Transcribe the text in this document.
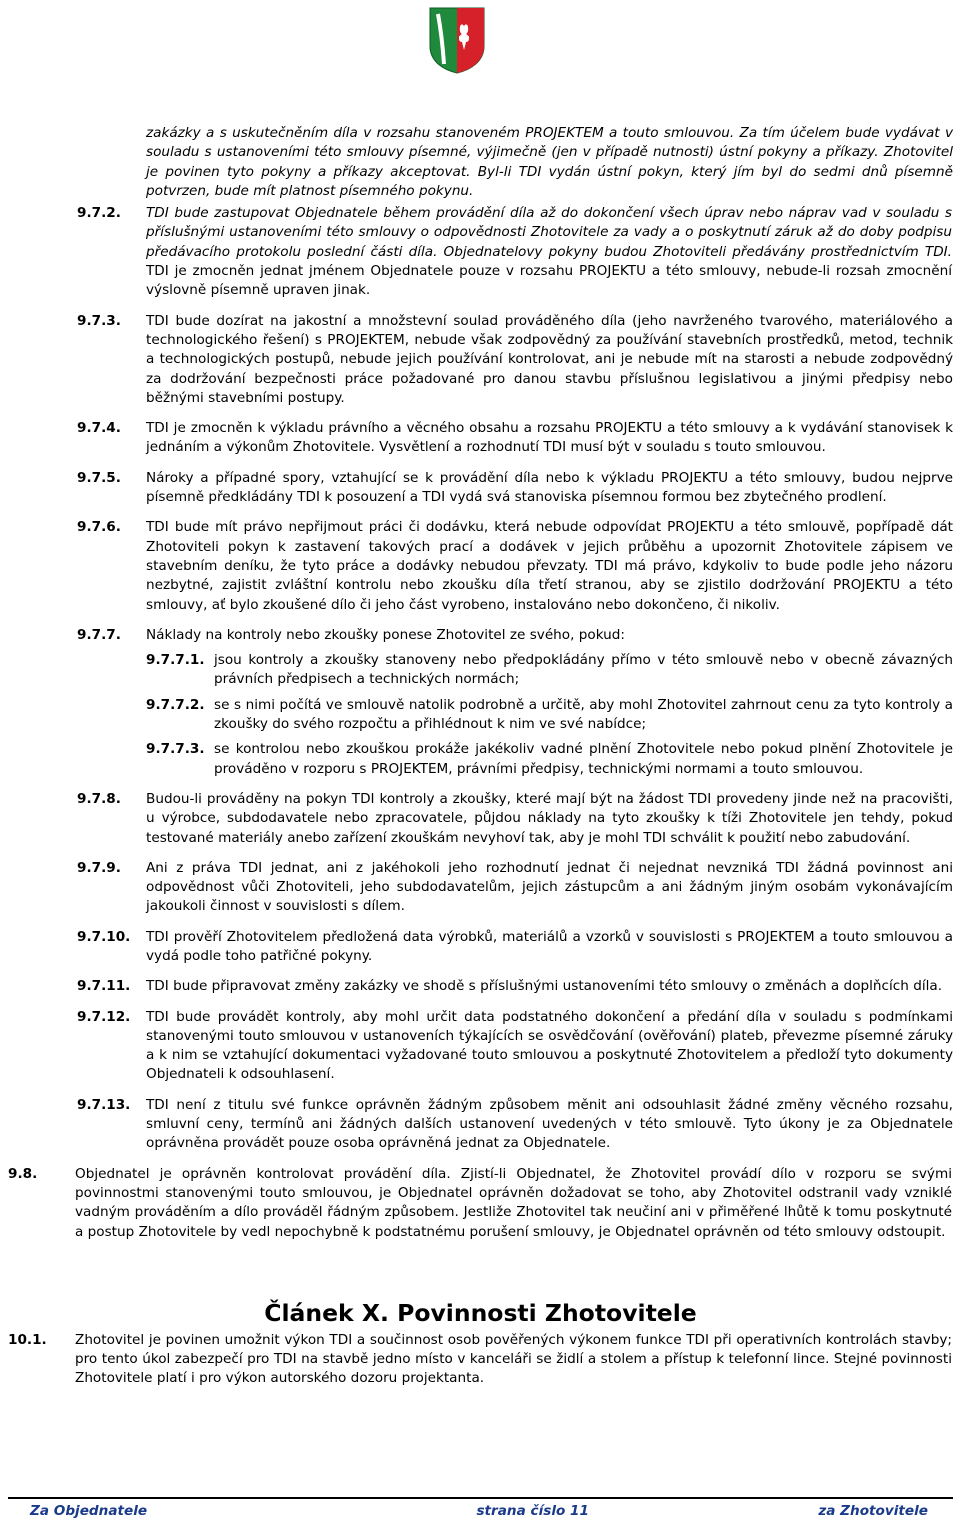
zakázky a s uskutečněním díla v rozsahu stanoveném PROJEKTEM a touto smlouvou. Za tím účelem bude vydávat v souladu s ustanoveními této smlouvy písemné, výjimečně (jen v případě nutnosti) ústní pokyny a příkazy. Zhotovitel je povinen tyto pokyny a příkazy akceptovat. Byl-li TDI vydán ústní pokyn, který jím byl do sedmi dnů písemně potvrzen, bude mít platnost písemného pokynu.
9.7.2. TDI bude zastupovat Objednatele během provádění díla až do dokončení všech úprav nebo náprav vad v souladu s příslušnými ustanoveními této smlouvy o odpovědnosti Zhotovitele za vady a o poskytnutí záruk až do doby podpisu předávacího protokolu poslední části díla. Objednatelovy pokyny budou Zhotoviteli předávány prostřednictvím TDI. TDI je zmocněn jednat jménem Objednatele pouze v rozsahu PROJEKTU a této smlouvy, nebude-li rozsah zmocnění výslovně písemně upraven jinak.
9.7.3. TDI bude dozírat na jakostní a množstevní soulad prováděného díla (jeho navrženého tvarového, materiálového a technologického řešení) s PROJEKTEM, nebude však zodpovědný za používání stavebních prostředků, metod, technik a technologických postupů, nebude jejich používání kontrolovat, ani je nebude mít na starosti a nebude zodpovědný za dodržování bezpečnosti práce požadované pro danou stavbu příslušnou legislativou a jinými předpisy nebo běžnými stavebními postupy.
9.7.4. TDI je zmocněn k výkladu právního a věcného obsahu a rozsahu PROJEKTU a této smlouvy a k vydávání stanovisek k jednáním a výkonům Zhotovitele. Vysvětlení a rozhodnutí TDI musí být v souladu s touto smlouvou.
9.7.5. Nároky a případné spory, vztahující se k provádění díla nebo k výkladu PROJEKTU a této smlouvy, budou nejprve písemně předkládány TDI k posouzení a TDI vydá svá stanoviska písemnou formou bez zbytečného prodlení.
9.7.6. TDI bude mít právo nepřijmout práci či dodávku, která nebude odpovídat PROJEKTU a této smlouvě, popřípadě dát Zhotoviteli pokyn k zastavení takových prací a dodávek v jejich průběhu a upozornit Zhotovitele zápisem ve stavebním deníku, že tyto práce a dodávky nebudou převzaty. TDI má právo, kdykoliv to bude podle jeho názoru nezbytné, zajistit zvláštní kontrolu nebo zkoušku díla třetí stranou, aby se zjistilo dodržování PROJEKTU a této smlouvy, ať bylo zkoušené dílo či jeho část vyrobeno, instalováno nebo dokončeno, či nikoliv.
9.7.7. Náklady na kontroly nebo zkoušky ponese Zhotovitel ze svého, pokud:
9.7.7.1. jsou kontroly a zkoušky stanoveny nebo předpokládány přímo v této smlouvě nebo v obecně závazných právních předpisech a technických normách;
9.7.7.2. se s nimi počítá ve smlouvě natolik podrobně a určitě, aby mohl Zhotovitel zahrnout cenu za tyto kontroly a zkoušky do svého rozpočtu a přihlédnout k nim ve své nabídce;
9.7.7.3. se kontrolou nebo zkouškou prokáže jakékoliv vadné plnění Zhotovitele nebo pokud plnění Zhotovitele je prováděno v rozporu s PROJEKTEM, právními předpisy, technickými normami a touto smlouvou.
9.7.8. Budou-li prováděny na pokyn TDI kontroly a zkoušky, které mají být na žádost TDI provedeny jinde než na pracovišti, u výrobce, subdodavatele nebo zpracovatele, půjdou náklady na tyto zkoušky k tíži Zhotovitele jen tehdy, pokud testované materiály anebo zařízení zkouškám nevyhoví tak, aby je mohl TDI schválit k použití nebo zabudování.
9.7.9. Ani z práva TDI jednat, ani z jakéhokoli jeho rozhodnutí jednat či nejednat nevzniká TDI žádná povinnost ani odpovědnost vůči Zhotoviteli, jeho subdodavatelům, jejich zástupcům a ani žádným jiným osobám vykonávajícím jakoukoli činnost v souvislosti s dílem.
9.7.10. TDI prověří Zhotovitelem předložená data výrobků, materiálů a vzorků v souvislosti s PROJEKTEM a touto smlouvou a vydá podle toho patřičné pokyny.
9.7.11. TDI bude připravovat změny zakázky ve shodě s příslušnými ustanoveními této smlouvy o změnách a doplňcích díla.
9.7.12. TDI bude provádět kontroly, aby mohl určit data podstatného dokončení a předání díla v souladu s podmínkami stanovenými touto smlouvou v ustanoveních týkajících se osvědčování (ověřování) plateb, převezme písemné záruky a k nim se vztahující dokumentaci vyžadované touto smlouvou a poskytnuté Zhotovitelem a předloží tyto dokumenty Objednateli k odsouhlasení.
9.7.13. TDI není z titulu své funkce oprávněn žádným způsobem měnit ani odsouhlasit žádné změny věcného rozsahu, smluvní ceny, termínů ani žádných dalších ustanovení uvedených v této smlouvě. Tyto úkony je za Objednatele oprávněna provádět pouze osoba oprávněná jednat za Objednatele.
9.8.	Objednatel je oprávněn kontrolovat provádění díla. Zjistí-li Objednatel, že Zhotovitel provádí dílo v rozporu se svými povinnostmi stanovenými touto smlouvou, je Objednatel oprávněn dožadovat se toho, aby Zhotovitel odstranil vady vzniklé vadným prováděním a dílo prováděl řádným způsobem. Jestliže Zhotovitel tak neučiní ani v přiměřené lhůtě k tomu poskytnuté a postup Zhotovitele by vedl nepochybně k podstatnému porušení smlouvy, je Objednatel oprávněn od této smlouvy odstoupit.
Článek X. Povinnosti Zhotovitele
10.1. Zhotovitel je povinen umožnit výkon TDI a součinnost osob pověřených výkonem funkce TDI při operativních kontrolách stavby; pro tento úkol zabezpečí pro TDI na stavbě jedno místo v kanceláři se židlí a stolem a přístup k telefonní lince. Stejné povinnosti Zhotovitele platí i pro výkon autorského dozoru projektanta.
Za Objednatele	strana číslo 11	za Zhotovitele
